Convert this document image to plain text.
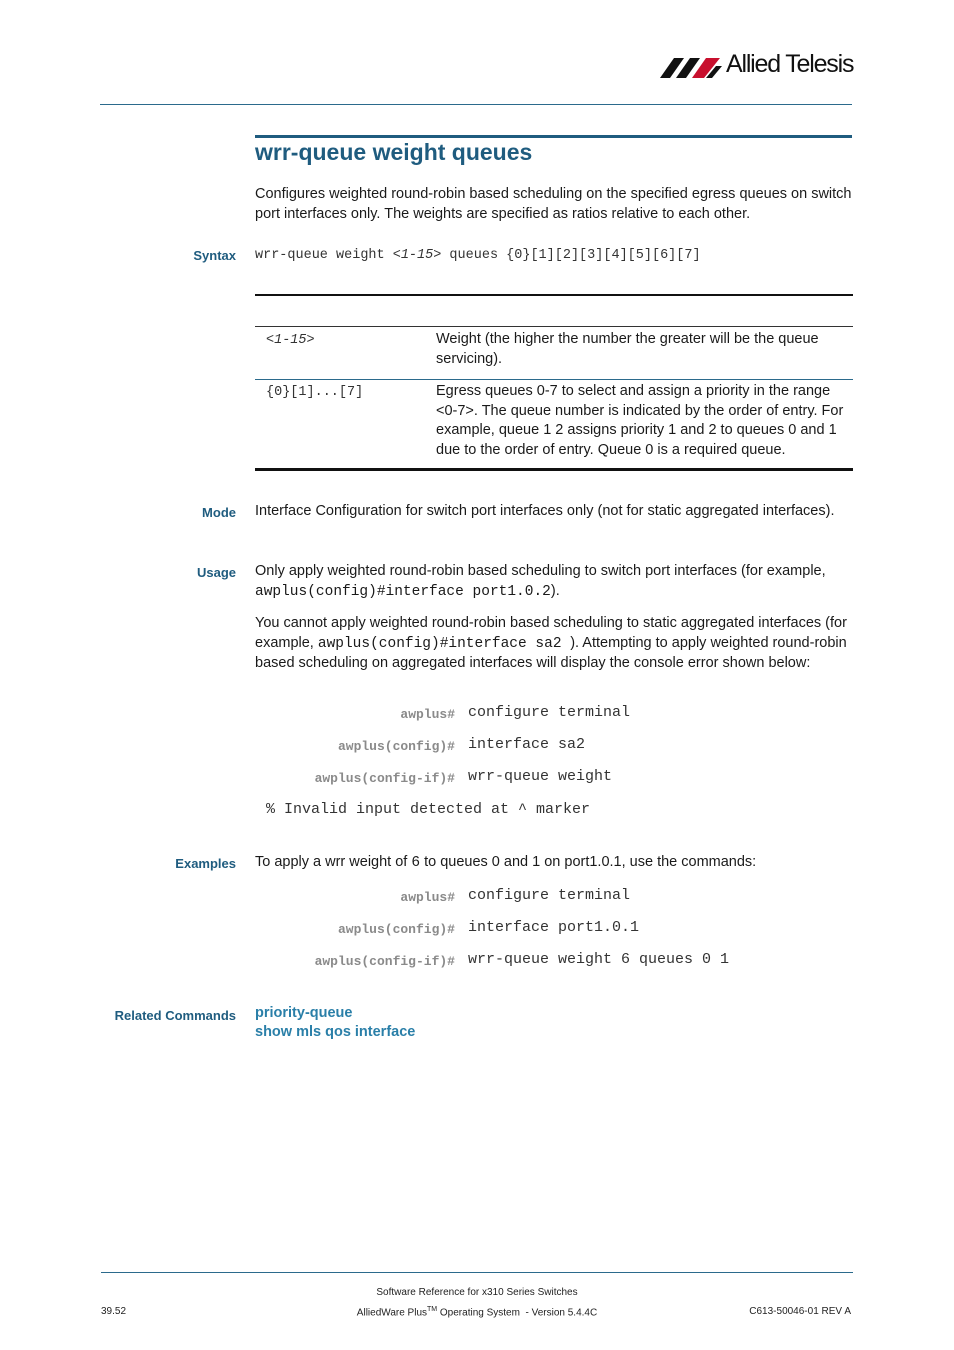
Allied Telesis
wrr-queue weight queues
Configures weighted round-robin based scheduling on the specified egress queues on switch port interfaces only. The weights are specified as ratios relative to each other.
Syntax wrr-queue weight <1-15> queues {0}[1][2][3][4][5][6][7]
<1-15>	Weight (the higher the number the greater will be the queue servicing).
{0}[1]...[7]	Egress queues 0-7 to select and assign a priority in the range <0-7>. The queue number is indicated by the order of entry. For example, queue 1 2 assigns priority 1 and 2 to queues 0 and 1 due to the order of entry. Queue 0 is a required queue.
Mode Interface Configuration for switch port interfaces only (not for static aggregated interfaces).
Usage Only apply weighted round-robin based scheduling to switch port interfaces (for example, awplus(config)#interface port1.0.2).
You cannot apply weighted round-robin based scheduling to static aggregated interfaces (for example, awplus(config)#interface sa2 ). Attempting to apply weighted round-robin based scheduling on aggregated interfaces will display the console error shown below:
awplus# configure terminal
awplus(config)# interface sa2
awplus(config-if)# wrr-queue weight
% Invalid input detected at ^ marker
Examples To apply a wrr weight of 6 to queues 0 and 1 on port1.0.1, use the commands:
awplus# configure terminal
awplus(config)# interface port1.0.1
awplus(config-if)# wrr-queue weight 6 queues 0 1
Related Commands priority-queue
show mls qos interface
Software Reference for x310 Series Switches
39.52	AlliedWare Plus™ Operating System  - Version 5.4.4C	C613-50046-01 REV A
